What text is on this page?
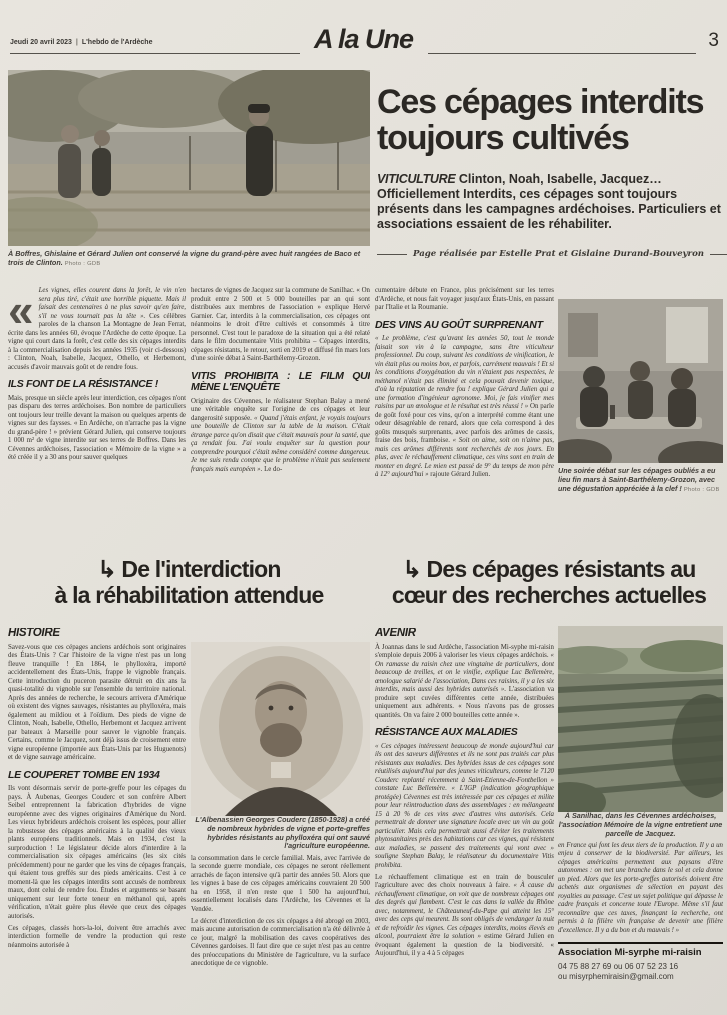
Jeudi 20 avril 2023 | L'hebdo de l'Ardèche	A la Une	3

À Boffres, Ghislaine et Gérard Julien ont conservé la vigne du grand-père avec huit rangées de Baco et trois de Clinton. Photo : GDB

Ces cépages interdits
toujours cultivés

VITICULTURE Clinton, Noah, Isabelle, Jacquez… Officiellement Interdits, ces cépages sont toujours présents dans les campagnes ardéchoises. Particuliers et associations essaient de les réhabiliter.

Page réalisée par Estelle Prat et Gislaine Durand-Bouveyron

« Les vignes, elles courent dans la forêt, le vin n'en sera plus tiré, c'était une horrible piquette. Mais il faisait des centenaires à ne plus savoir qu'en faire, s'il ne vous tournait pas la tête ». Ces célèbres paroles de la chanson La Montagne de Jean Ferrat, écrite dans les années 60, évoque l'Ardèche de cette époque. La vigne qui court dans la forêt, c'est celle des six cépages interdits à la commercialisation depuis les années 1935 (voir ci-dessous) : Clinton, Noah, Isabelle, Jacquez, Othello, et Herbemont, accusés d'avoir mauvais goût et de rendre fous.

ILS FONT DE LA RÉSISTANCE !

Mais, presque un siècle après leur interdiction, ces cépages n'ont pas disparu des terres ardéchoises. Bon nombre de particuliers ont toujours leur treille devant la maison ou quelques arpents de vignes sur des faysses. « En Ardèche, on n'arrache pas la vigne du grand-père ! » prévient Gérard Julien, qui conserve toujours 1 000 m² de vigne interdite sur ses terres de Boffres. Dans les Cévennes ardéchoises, l'association « Mémoire de la vigne » a été créée il y a 30 ans pour sauver quelques

hectares de vignes de Jacquez sur la commune de Sanilhac. « On produit entre 2 500 et 5 000 bouteilles par an qui sont distribuées aux membres de l'association » explique Hervé Garnier. Car, interdits à la commercialisation, ces cépages ont néanmoins le droit d'être cultivés et consommés à titre personnel. C'est tout le paradoxe de la situation qui a été relaté dans le film documentaire Vitis prohibita – Cépages interdits, cépages résistants, le retour, sorti en 2019 et diffusé fin mars lors d'une soirée débat à Saint-Barthélemy-Grozon.

VITIS PROHIBITA : LE FILM QUI MÈNE L'ENQUÊTE

Originaire des Cévennes, le réalisateur Stephan Balay a mené une véritable enquête sur l'origine de ces cépages et leur dangerosité supposée. « Quand j'étais enfant, je voyais toujours une bouteille de Clinton sur la table de la maison. C'était étrange parce qu'on disait que c'était mauvais pour la santé, que ça rendait fou. J'ai voulu enquêter sur la question pour comprendre pourquoi c'était même considéré comme dangereux. Je me suis rendu compte que le problème n'était pas seulement français mais européen ». Le do-

cumentaire débute en France, plus précisément sur les terres d'Ardèche, et nous fait voyager jusqu'aux États-Unis, en passant par l'Italie et la Roumanie.

DES VINS AU GOÛT SURPRENANT

« Le problème, c'est qu'avant les années 50, tout le monde faisait son vin à la campagne, sans être viticulteur professionnel. Du coup, suivant les conditions de vinification, le vin était plus ou moins bon, et parfois, carrément mauvais ! Et si les conditions d'oxygénation du vin n'étaient pas respectées, le méthanol n'était pas éliminé et cela pouvait devenir toxique, d'où la réputation de rendre fou ! explique Gérard Julien qui a une formation d'ingénieur agronome. Moi, je fais vinifier mes raisins par un œnologue et le résultat est très réussi ! » On parle de goût foxé pour ces vins, qu'on a interprété comme étant une odeur désagréable de renard, alors que cela correspond à des goûts musqués surprenants, avec parfois des arômes de cassis, fraise des bois, framboise. « Soit on aime, soit on n'aime pas, mais ces arômes différents sont recherchés de nos jours. En plus, avec le réchauffement climatique, ces vins sont en train de monter en degré. Le mien est passé de 9° du temps de mon père à 12° aujourd'hui » rajoute Gérard Julien.	Une soirée débat sur les cépages oubliés a eu lieu fin mars à Saint-Barthélemy-Grozon, avec une dégustation appréciée à la clef ! Photo : GDB

↳ De l'interdiction
à la réhabilitation attendue
↳ Des cépages résistants au
cœur des recherches actuelles
HISTOIRE

Savez-vous que ces cépages anciens ardéchois sont originaires des États-Unis ? Car l'histoire de la vigne n'est pas un long fleuve tranquille ! En 1864, le phylloxéra, importé accidentellement des États-Unis, frappe le vignoble français. Cette introduction du puceron parasite détruit en dix ans la quasi-totalité du vignoble sur l'ensemble du territoire national. Après des années de recherche, le secours arrivera d'Amérique où existent des vignes sauvages, résistantes au phylloxéra, mais également au mildiou et à l'oïdium. Des pieds de vigne de Clinton, Noah, Isabelle, Othello, Herbemont et Jacquez arrivent par bateaux à Marseille pour sauver le vignoble français. Certains, comme le Jacquez, sont déjà issus de croisement entre vigne européenne (importée aux États-Unis par les Huguenots) et de vigne sauvage américaine.

LE COUPERET TOMBE EN 1934

Ils vont désormais servir de porte-greffe pour les cépages du pays. À Aubenas, Georges Couderc et son confrère Albert Seibel entreprennent la fabrication d'hybrides de vigne européenne avec des vignes originaires d'Amérique du Nord. Les vieux hybrideurs ardéchois croisent les espèces, pour allier la robustesse des cépages américains à la qualité des vieux plants européens traditionnels. Mais en 1934, c'est la surproduction ! Le législateur décide alors d'interdire à la commercialisation six cépages américains (les six cités précédemment) pour ne garder que les vins de cépages français, qui étaient tous greffés sur des pieds américains. C'est à ce moment-là que les cépages interdits sont accusés de nombreux maux, dont celui de rendre fou. Études et arguments se basant uniquement sur leur forte teneur en méthanol qui, après vérification, n'était guère plus élevée que ceux des cépages autorisés.

Ces cépages, classés hors-la-loi, doivent être arrachés avec interdiction formelle de vendre la production qui reste néanmoins autorisée à

L'Albenassien Georges Couderc (1850-1928) a créé de nombreux hybrides de vigne et porte-greffes hybrides résistants au phylloxéra qui ont sauvé l'agriculture européenne.

la consommation dans le cercle familial. Mais, avec l'arrivée de la seconde guerre mondiale, ces cépages ne seront réellement arrachés de façon intensive qu'à partir des années 50. Alors que les vignes à base de ces cépages américains couvraient 20 500 ha en 1958, il n'en reste que 1 500 ha aujourd'hui, essentiellement localisés dans l'Ardèche, les Cévennes et la Vendée.

Le décret d'interdiction de ces six cépages a été abrogé en 2003, mais aucune autorisation de commercialisation n'a été délivrée à ce jour, malgré la mobilisation des caves coopératives des Cévennes gardoises. Il faut dire que ce sujet n'est pas au centre des préoccupations du Ministère de l'agriculture, vu la surface anecdotique de ce vignoble.

AVENIR

À Joannas dans le sud Ardèche, l'association Mi-syphe mi-raisin s'emploie depuis 2006 à valoriser les vieux cépages ardéchois. « On ramasse du raisin chez une vingtaine de particuliers, dont beaucoup de treilles, et on le vinifie, explique Luc Bellemère, œnologue salarié de l'association, Dans ces raisins, il y a les six interdits, mais aussi des hybrides autorisés ». L'association va produire sept cuvées différentes cette année, distribuées uniquement aux adhérents. « Nous n'avons pas de grosses quantités. On va faire 2 000 bouteilles cette année ».

RÉSISTANCE AUX MALADIES

« Ces cépages intéressent beaucoup de monde aujourd'hui car ils ont des saveurs différentes et ils ne sont pas traités car plus résistants aux maladies. Des hybrides issus de ces cépages sont réutilisés aujourd'hui par des jeunes viticulteurs, comme le 7120 Couderc replanté récemment à Saint-Etienne-de-Fontbellon » constate Luc Bellemère. « L'IGP (indication géographique protégée) Cévennes est très intéressée par ces cépages et milite pour leur réintroduction dans des assemblages : en mélangeant 15 à 20 % de ces vins avec d'autres vins autorisés. Cela permettrait de donner une signature locale avec un vin au goût particulier. Mais cela permettrait aussi d'éviter les traitements phytosanitaires près des habitations car ces vignes, qui résistent aux maladies, se passent des traitements qui vont avec » souligne Stephan Balay, le réalisateur du documentaire Vitis prohibita.

Le réchauffement climatique est en train de bousculer l'agriculture avec des choix nouveaux à faire. « À cause du réchauffement climatique, on voit que de nombreux cépages ont des degrés qui flambent. C'est le cas dans la vallée du Rhône avec, notamment, le Châteauneuf-du-Pape qui atteint les 15° avec des ceps qui meurent. Ils sont obligés de vendanger la nuit et de refroidir les vignes. Ces cépages interdits, moins élevés en alcool, pourraient être la solution » estime Gérard Julien en évoquant également la question de la biodiversité. « Aujourd'hui, il y a 4 à 5 cépages

À Sanilhac, dans les Cévennes ardéchoises, l'association Mémoire de la vigne entretient une parcelle de Jacquez.

en France qui font les deux tiers de la production. Il y a un enjeu à conserver de la biodiversité. Par ailleurs, les cépages américains permettent aux paysans d'être autonomes : on met une branche dans le sol et cela donne un pied. Alors que les porte-greffes autorisés doivent être achetés aux organismes de sélection en payant des royalties au passage. C'est un sujet politique qui dépasse le cadre français et concerne toute l'Europe. Même s'il faut reconnaître que ces taxes, finançant la recherche, ont permis à la filière vin française de devenir une filière d'excellence. Il y a du bon et du mauvais ! »

Association Mi-syrphe mi-raisin

04 75 88 27 69 ou 06 07 52 23 16

ou misyrphemiraisin@gmail.com
